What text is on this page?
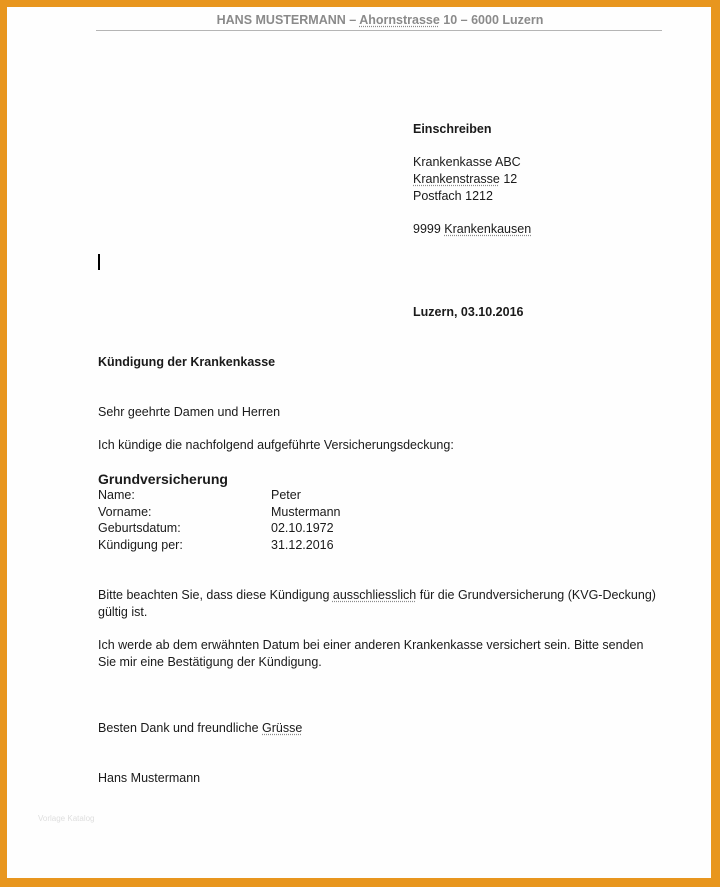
HANS MUSTERMANN – Ahornstrasse 10 – 6000 Luzern
Einschreiben
Krankenkasse ABC
Krankenstrasse 12
Postfach 1212
9999 Krankenkausen
Luzern, 03.10.2016
Kündigung der Krankenkasse
Sehr geehrte Damen und Herren
Ich kündige die nachfolgend aufgeführte Versicherungsdeckung:
Grundversicherung
Name:	Peter
Vorname:	Mustermann
Geburtsdatum:	02.10.1972
Kündigung per:	31.12.2016
Bitte beachten Sie, dass diese Kündigung ausschliesslich für die Grundversicherung (KVG-Deckung)
gültig ist.
Ich werde ab dem erwähnten Datum bei einer anderen Krankenkasse versichert sein. Bitte senden
Sie mir eine Bestätigung der Kündigung.
Besten Dank und freundliche Grüsse
Hans Mustermann
Vorlage Katalog
